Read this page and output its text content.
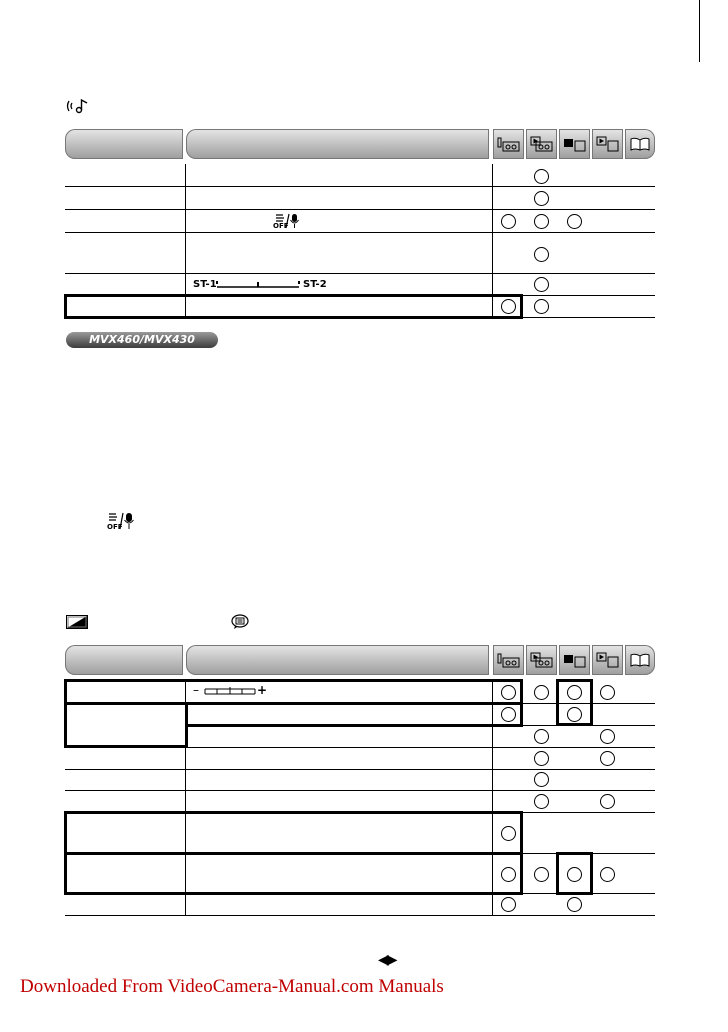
OFF
ST-1	ST-2
MVX460/MVX430
OFF
–	+
◀▶
Downloaded From VideoCamera-Manual.com Manuals
